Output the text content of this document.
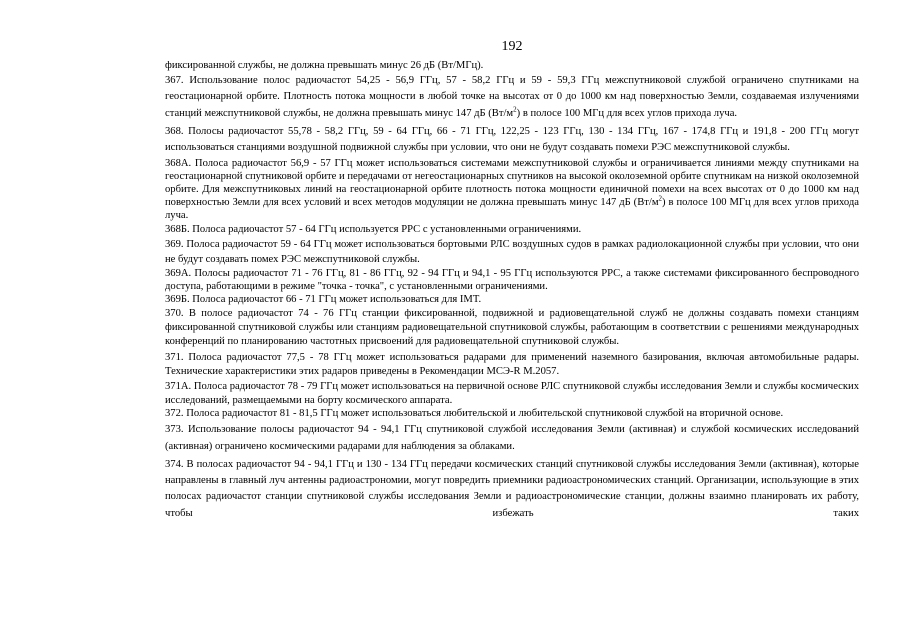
192

фиксированной службы, не должна превышать минус 26 дБ (Вт/МГц).

367. Использование полос радиочастот 54,25 - 56,9 ГГц, 57 - 58,2 ГГц и 59 - 59,3 ГГц межспутниковой службой ограничено спутниками на геостационарной орбите. Плотность потока мощности в любой точке на высотах от 0 до 1000 км над поверхностью Земли, создаваемая излучениями станций межспутниковой службы, не должна превышать минус 147 дБ $(Вт/м^2)$ в полосе 100 МГц для всех углов прихода луча.

368. Полосы радиочастот 55,78 - 58,2 ГГц, 59 - 64 ГГц, 66 - 71 ГГц, 122,25 - 123 ГГц, 130 - 134 ГГц, 167 - 174,8 ГГц и 191,8 - 200 ГГц могут использоваться станциями воздушной подвижной службы при условии, что они не будут создавать помехи РЭС межспутниковой службы.

368А. Полоса радиочастот 56,9 - 57 ГГц может использоваться системами межспутниковой службы и ограничивается линиями между спутниками на геостационарной спутниковой орбите и передачами от негеостационарных спутников на высокой околоземной орбите спутникам на низкой околоземной орбите. Для межспутниковых линий на геостационарной орбите плотность потока мощности единичной помехи на всех высотах от 0 до 1000 км над поверхностью Земли для всех условий и всех методов модуляции не должна превышать минус 147 дБ $(Вт/м^2)$ в полосе 100 МГц для всех углов прихода луча.

368Б. Полоса радиочастот 57 - 64 ГГц используется РРС с установленными ограничениями.

369. Полоса радиочастот 59 - 64 ГГц может использоваться бортовыми РЛС воздушных судов в рамках радиолокационной службы при условии, что они не будут создавать помех РЭС межспутниковой службы.

369А. Полосы радиочастот 71 - 76 ГГц, 81 - 86 ГГц, 92 - 94 ГГц и 94,1 - 95 ГГц используются РРС, а также системами фиксированного беспроводного доступа, работающими в режиме "точка - точка", с установленными ограничениями.

369Б. Полоса радиочастот 66 - 71 ГГц может использоваться для IMT.

370. В полосе радиочастот 74 - 76 ГГц станции фиксированной, подвижной и радиовещательной служб не должны создавать помехи станциям фиксированной спутниковой службы или станциям радиовещательной спутниковой службы, работающим в соответствии с решениями международных конференций по планированию частотных присвоений для радиовещательной спутниковой службы.

371. Полоса радиочастот 77,5 - 78 ГГц может использоваться радарами для применений наземного базирования, включая автомобильные радары. Технические характеристики этих радаров приведены в Рекомендации МСЭ-R M.2057.

371А. Полоса радиочастот 78 - 79 ГГц может использоваться на первичной основе РЛС спутниковой службы исследования Земли и службы космических исследований, размещаемыми на борту космического аппарата.

372. Полоса радиочастот 81 - 81,5 ГГц может использоваться любительской и любительской спутниковой службой на вторичной основе.

373. Использование полосы радиочастот 94 - 94,1 ГГц спутниковой службой исследования Земли (активная) и службой космических исследований (активная) ограничено космическими радарами для наблюдения за облаками.

374. В полосах радиочастот 94 - 94,1 ГГц и 130 - 134 ГГц передачи космических станций спутниковой службы исследования Земли (активная), которые направлены в главный луч антенны радиоастрономии, могут повредить приемники радиоастрономических станций. Организации, использующие в этих полосах радиочастот станции спутниковой службы исследования Земли и радиоастрономические станции, должны взаимно планировать их работу, чтобы избежать таких
